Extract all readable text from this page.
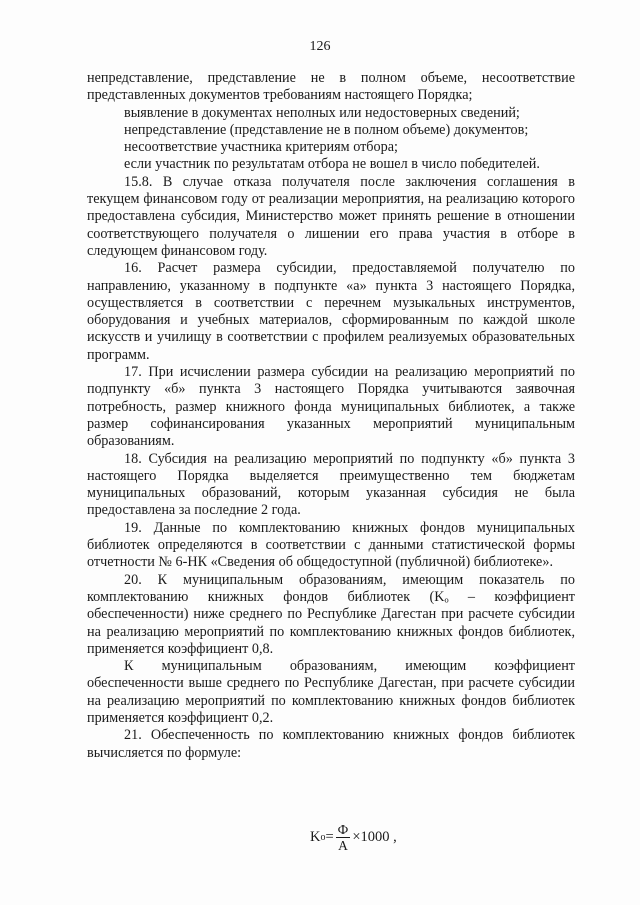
126

непредставление, представление не в полном объеме, несоответствие представленных документов требованиям настоящего Порядка;

выявление в документах неполных или недостоверных сведений;

непредставление (представление не в полном объеме) документов;

несоответствие участника критериям отбора;

если участник по результатам отбора не вошел в число победителей.

15.8. В случае отказа получателя после заключения соглашения в текущем финансовом году от реализации мероприятия, на реализацию которого предоставлена субсидия, Министерство может принять решение в отношении соответствующего получателя о лишении его права участия в отборе в следующем финансовом году.

16. Расчет размера субсидии, предоставляемой получателю по направлению, указанному в подпункте «а» пункта 3 настоящего Порядка, осуществляется в соответствии с перечнем музыкальных инструментов, оборудования и учебных материалов, сформированным по каждой школе искусств и училищу в соответствии с профилем реализуемых образовательных программ.

17. При исчислении размера субсидии на реализацию мероприятий по подпункту «б» пункта 3 настоящего Порядка учитываются заявочная потребность, размер книжного фонда муниципальных библиотек, а также размер софинансирования указанных мероприятий муниципальным образованиям.

18. Субсидия на реализацию мероприятий по подпункту «б» пункта 3 настоящего Порядка выделяется преимущественно тем бюджетам муниципальных образований, которым указанная субсидия не была предоставлена за последние 2 года.

19. Данные по комплектованию книжных фондов муниципальных библиотек определяются в соответствии с данными статистической формы отчетности № 6-НК «Сведения об общедоступной (публичной) библиотеке».

20. К муниципальным образованиям, имеющим показатель по комплектованию книжных фондов библиотек (Kₒ – коэффициент обеспеченности) ниже среднего по Республике Дагестан при расчете субсидии на реализацию мероприятий по комплектованию книжных фондов библиотек, применяется коэффициент 0,8.

К муниципальным образованиям, имеющим коэффициент обеспеченности выше среднего по Республике Дагестан, при расчете субсидии на реализацию мероприятий по комплектованию книжных фондов библиотек применяется коэффициент 0,2.

21. Обеспеченность по комплектованию книжных фондов библиотек вычисляется по формуле:

K $о = \frac{Ф}{А} \times 1000$ ,
